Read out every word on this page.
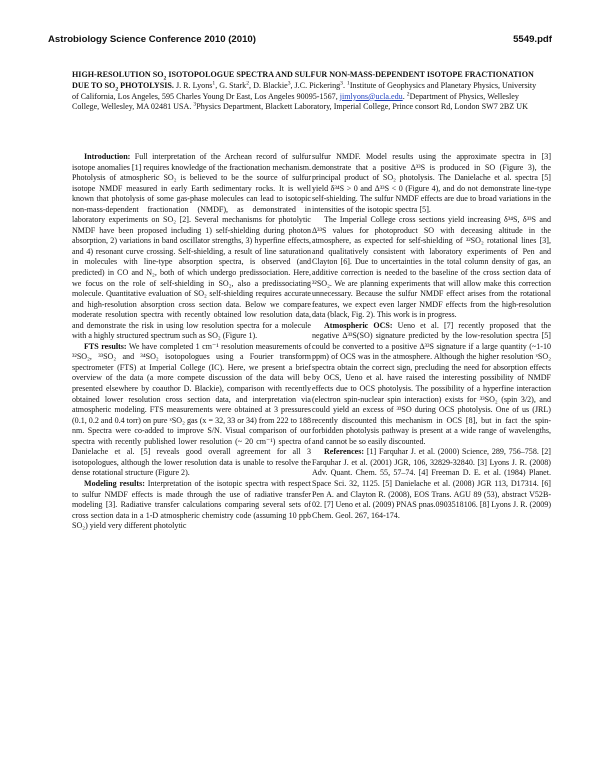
Astrobiology Science Conference 2010 (2010)	5549.pdf
HIGH-RESOLUTION $SO_2$ ISOTOPOLOGUE SPECTRA AND SULFUR NON-MASS-DEPENDENT ISOTOPE FRACTIONATION DUE TO $SO_2$ PHOTOLYSIS. J. R. Lyons$^1$, G. Stark$^2$, D. Blackie$^3$, J.C. Pickering$^3$. $^1$Institute of Geophysics and Planetary Physics, University of California, Los Angeles, 595 Charles Young Dr East, Los Angeles 90095-1567, jimlyons@ucla.edu. $^2$Department of Physics, Wellesley College, Wellesley, MA 02481 USA. $^3$Physics Department, Blackett Laboratory, Imperial College, Prince consort Rd, London SW7 2BZ UK

Introduction: Full interpretation of the Archean record of sulfur isotope anomalies [1] requires knowledge of the fractionation mechanism. Photolysis of atmospheric SO₂ is believed to be the source of sulfur isotope NMDF measured in early Earth sedimentary rocks. It is well known that photolysis of some gas-phase molecules can lead to isotopic non-mass-dependent fractionation (NMDF), as demonstrated in laboratory experiments on SO₂ [2]. Several mechanisms for photolytic NMDF have been proposed including 1) self-shielding during photon absorption, 2) variations in band oscillator strengths, 3) hyperfine effects, and 4) resonant curve crossing. Self-shielding, a result of line saturation in molecules with line-type absorption spectra, is observed (and predicted) in CO and N₂, both of which undergo predissociation. Here, we focus on the role of self-shielding in SO₂, also a predissociating molecule. Quantitative evaluation of SO₂ self-shielding requires accurate and high-resolution absorption cross section data. Below we compare moderate resolution spectra with recently obtained low resolution data, and demonstrate the risk in using low resolution spectra for a molecule with a highly structured spectrum such as SO₂ (Figure 1).

FTS results: We have completed 1 cm⁻¹ resolution measurements of ³²SO₂, ³³SO₂ and ³⁴SO₂ isotopologues using a Fourier transform spectrometer (FTS) at Imperial College (IC). Here, we present a brief overview of the data (a more compete discussion of the data will be presented elsewhere by coauthor D. Blackie), comparison with recently obtained lower resolution cross section data, and interpretation via atmospheric modeling. FTS measurements were obtained at 3 pressures (0.1, 0.2 and 0.4 torr) on pure ˣSO₂ gas (x = 32, 33 or 34) from 222 to 188 nm. Spectra were co-added to improve S/N. Visual comparison of our spectra with recently published lower resolution (~ 20 cm⁻¹) spectra of Danielache et al. [5] reveals good overall agreement for all 3 isotopologues, although the lower resolution data is unable to resolve the dense rotational structure (Figure 2).

Modeling results: Interpretation of the isotopic spectra with respect to sulfur NMDF effects is made through the use of radiative transfer modeling [3]. Radiative transfer calculations comparing several sets of cross section data in a 1-D atmospheric chemistry code (assuming 10 ppb SO₂) yield very different photolytic

sulfur NMDF. Model results using the approximate spectra in [3] demonstrate that a positive Δ³³S is produced in SO (Figure 3), the principal product of SO₂ photolysis. The Danielache et al. spectra [5] yield δ³⁴S > 0 and Δ³³S < 0 (Figure 4), and do not demonstrate line-type self-shielding. The sulfur NMDF effects are due to broad variations in the intensities of the isotopic spectra [5].

The Imperial College cross sections yield increasing δ³⁴S, δ³³S and Δ³³S values for photoproduct SO with deceasing altitude in the atmosphere, as expected for self-shielding of ³²SO₂ rotational lines [3], and qualitatively consistent with laboratory experiments of Pen and Clayton [6]. Due to uncertainties in the total column density of gas, an additive correction is needed to the baseline of the cross section data of ³²SO₂. We are planning experiments that will allow make this correction unnecessary. Because the sulfur NMDF effect arises from the rotational features, we expect even larger NMDF effects from the high-resolution data (black, Fig. 2). This work is in progress.

Atmospheric OCS: Ueno et al. [7] recently proposed that the negative Δ³³S(SO) signature predicted by the low-resolution spectra [5] could be converted to a positive Δ³³S signature if a large quantity (~1-10 ppm) of OCS was in the atmosphere. Although the higher resolution ˣSO₂ spectra obtain the correct sign, precluding the need for absorption effects by OCS, Ueno et al. have raised the interesting possibility of NMDF effects due to OCS photolysis. The possibility of a hyperfine interaction (electron spin-nuclear spin interaction) exists for ³³SO₂ (spin 3/2), and could yield an excess of ³³SO during OCS photolysis. One of us (JRL) recently discounted this mechanism in OCS [8], but in fact the spin-forbidden photolysis pathway is present at a wide range of wavelengths, and cannot be so easily discounted.

References: [1] Farquhar J. et al. (2000) Science, 289, 756–758. [2] Farquhar J. et al. (2001) JGR, 106, 32829-32840. [3] Lyons J. R. (2008) Adv. Quant. Chem. 55, 57–74. [4] Freeman D. E. et al. (1984) Planet. Space Sci. 32, 1125. [5] Danielache et al. (2008) JGR 113, D17314. [6] Pen A. and Clayton R. (2008), EOS Trans. AGU 89 (53), abstract V52B-02. [7] Ueno et al. (2009) PNAS pnas.0903518106. [8] Lyons J. R. (2009) Chem. Geol. 267, 164-174.
